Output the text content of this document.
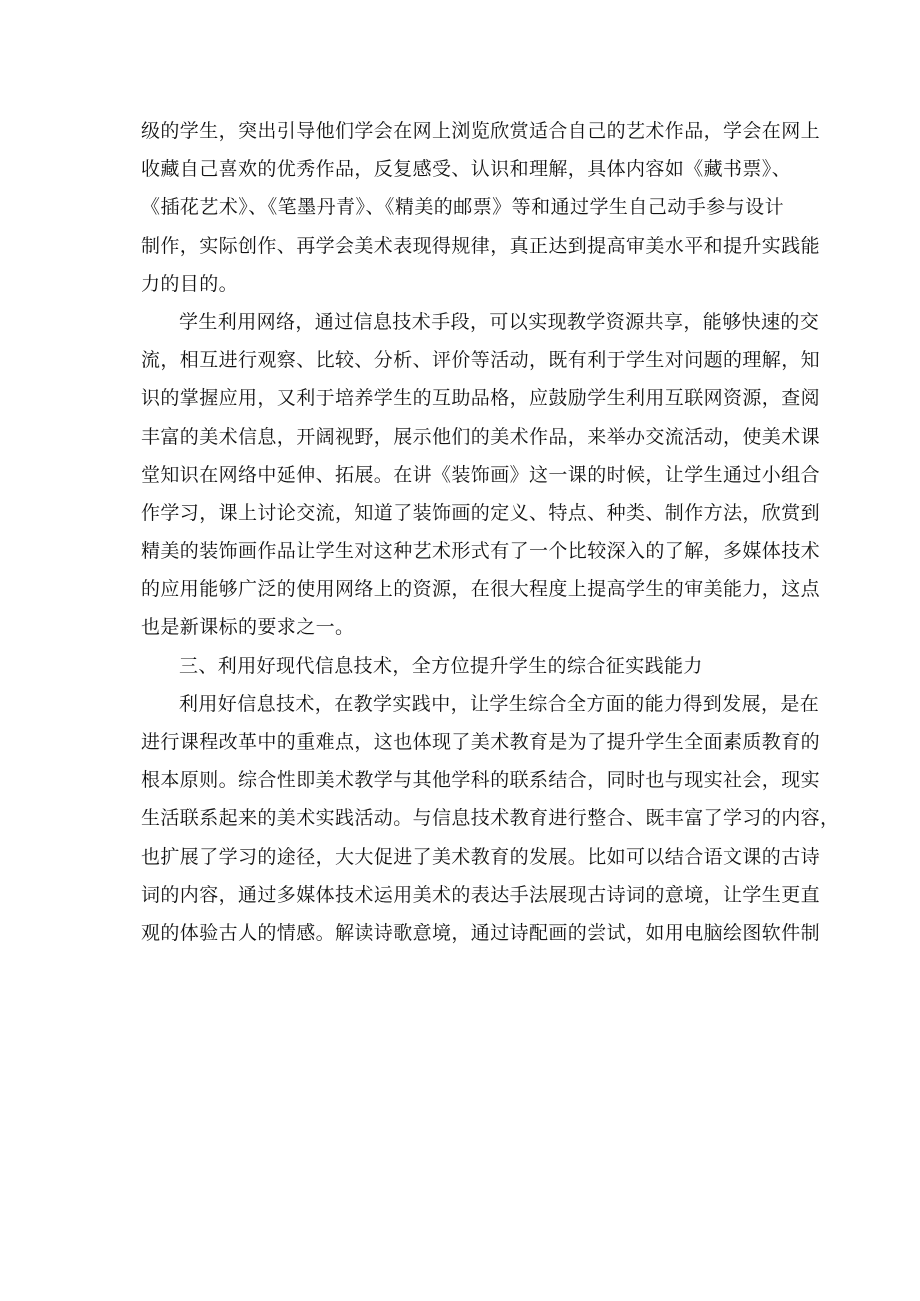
级的学生，突出引导他们学会在网上浏览欣赏适合自己的艺术作品，学会在网上
收藏自己喜欢的优秀作品，反复感受、认识和理解，具体内容如《藏书票》、
《插花艺术》、《笔墨丹青》、《精美的邮票》等和通过学生自己动手参与设计
制作，实际创作、再学会美术表现得规律，真正达到提高审美水平和提升实践能
力的目的。
学生利用网络，通过信息技术手段，可以实现教学资源共享，能够快速的交
流，相互进行观察、比较、分析、评价等活动，既有利于学生对问题的理解，知
识的掌握应用，又利于培养学生的互助品格，应鼓励学生利用互联网资源，查阅
丰富的美术信息，开阔视野，展示他们的美术作品，来举办交流活动，使美术课
堂知识在网络中延伸、拓展。在讲《装饰画》这一课的时候，让学生通过小组合
作学习，课上讨论交流，知道了装饰画的定义、特点、种类、制作方法，欣赏到
精美的装饰画作品让学生对这种艺术形式有了一个比较深入的了解，多媒体技术
的应用能够广泛的使用网络上的资源，在很大程度上提高学生的审美能力，这点
也是新课标的要求之一。
三、利用好现代信息技术，全方位提升学生的综合征实践能力
利用好信息技术，在教学实践中，让学生综合全方面的能力得到发展，是在
进行课程改革中的重难点，这也体现了美术教育是为了提升学生全面素质教育的
根本原则。综合性即美术教学与其他学科的联系结合，同时也与现实社会，现实
生活联系起来的美术实践活动。与信息技术教育进行整合、既丰富了学习的内容，
也扩展了学习的途径，大大促进了美术教育的发展。比如可以结合语文课的古诗
词的内容，通过多媒体技术运用美术的表达手法展现古诗词的意境，让学生更直
观的体验古人的情感。解读诗歌意境，通过诗配画的尝试，如用电脑绘图软件制
